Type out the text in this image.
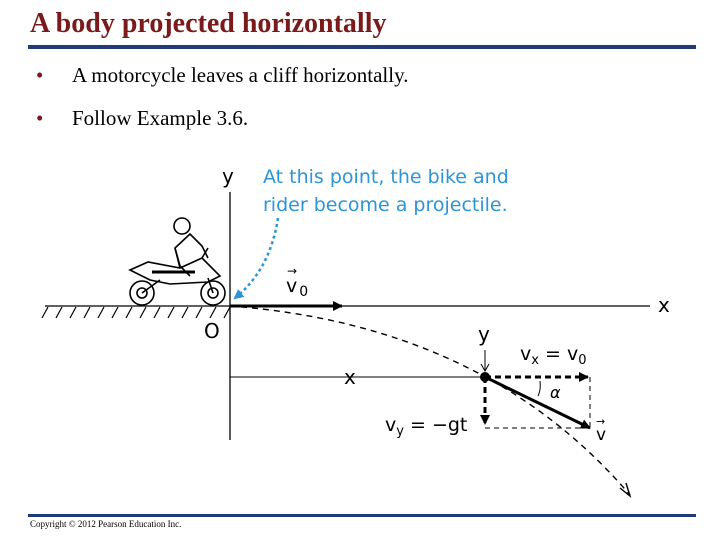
A body projected horizontally
• A motorcycle leaves a cliff horizontally.
• Follow Example 3.6.
y
x
O
→
v $_0$
At this point, the bike and
rider become a projectile.
x
y
α
$v_x = v_0$
$v_y = -gt$	→
v
Copyright © 2012 Pearson Education Inc.
